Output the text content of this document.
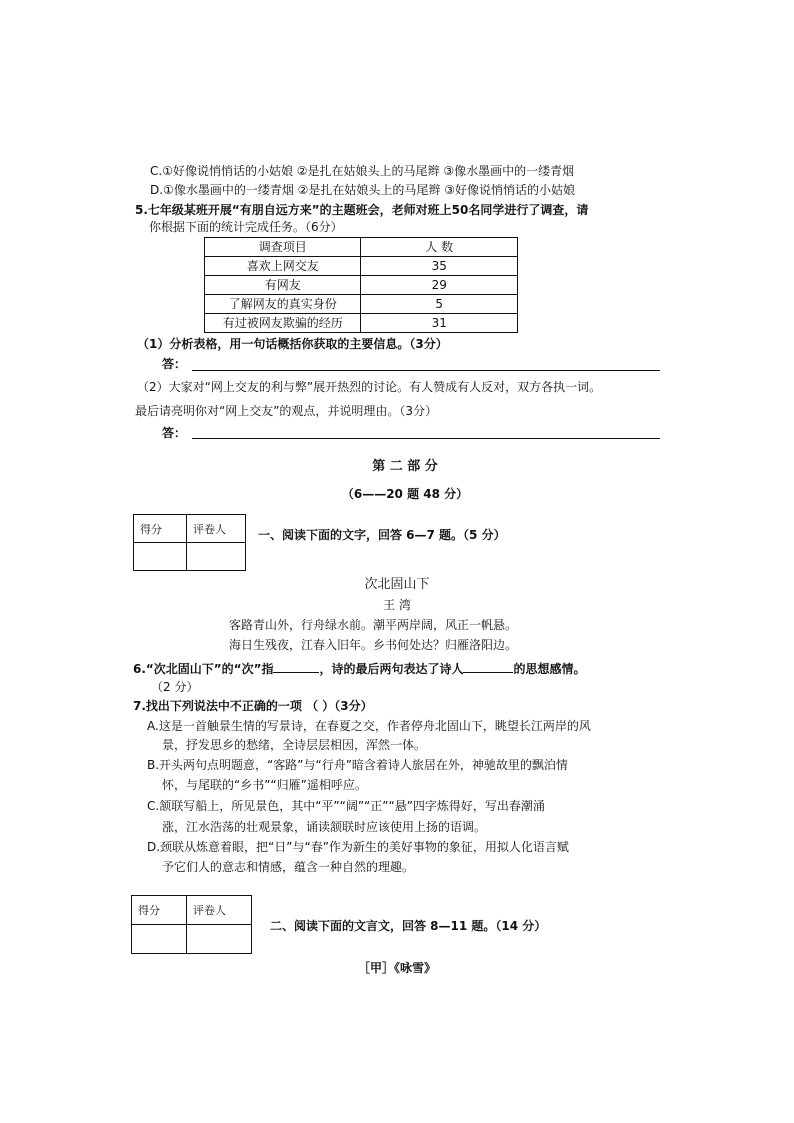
C.①好像说悄悄话的小姑娘 ②是扎在姑娘头上的马尾辫 ③像水墨画中的一缕青烟
D.①像水墨画中的一缕青烟 ②是扎在姑娘头上的马尾辫 ③好像说悄悄话的小姑娘
5.七年级某班开展“有朋自远方来”的主题班会，老师对班上50名同学进行了调查，请
你根据下面的统计完成任务。（6分）
调查项目	人 数
喜欢上网交友	35
有网友	29
了解网友的真实身份	5
有过被网友欺骗的经历	31
（1）分析表格，用一句话概括你获取的主要信息。（3分）
答：
（2）大家对“网上交友的利与弊”展开热烈的讨论。有人赞成有人反对，双方各执一词。
最后请亮明你对“网上交友”的观点，并说明理由。（3分）
答：
第 二 部 分
（6——20 题 48 分）
得分	评卷人
		一、阅读下面的文字，回答 6—7 题。（5 分）
次北固山下
王 湾
客路青山外，行舟绿水前。潮平两岸阔，风正一帆悬。
海日生残夜，江春入旧年。乡书何处达？归雁洛阳边。
6.“次北固山下”的“次”指	，诗的最后两句表达了诗人	的思想感情。
（2 分）
7.找出下列说法中不正确的一项 （ ）（3分）
A.这是一首触景生情的写景诗，在春夏之交，作者停舟北固山下，眺望长江两岸的风
景，抒发思乡的愁绪，全诗层层相因，浑然一体。
B.开头两句点明题意，“客路”与“行舟”暗含着诗人旅居在外，神驰故里的飘泊情
怀，与尾联的“乡书”“归雁”遥相呼应。
C.颔联写船上，所见景色，其中“平”“阔”“正”“悬”四字炼得好，写出春潮涌
涨，江水浩荡的壮观景象，诵读颔联时应该使用上扬的语调。
D.颈联从炼意着眼，把“日”与“春”作为新生的美好事物的象征，用拟人化语言赋
予它们人的意志和情感，蕴含一种自然的理趣。
得分	评卷人

二、阅读下面的文言文，回答 8—11 题。（14 分）
［甲］《咏雪》
